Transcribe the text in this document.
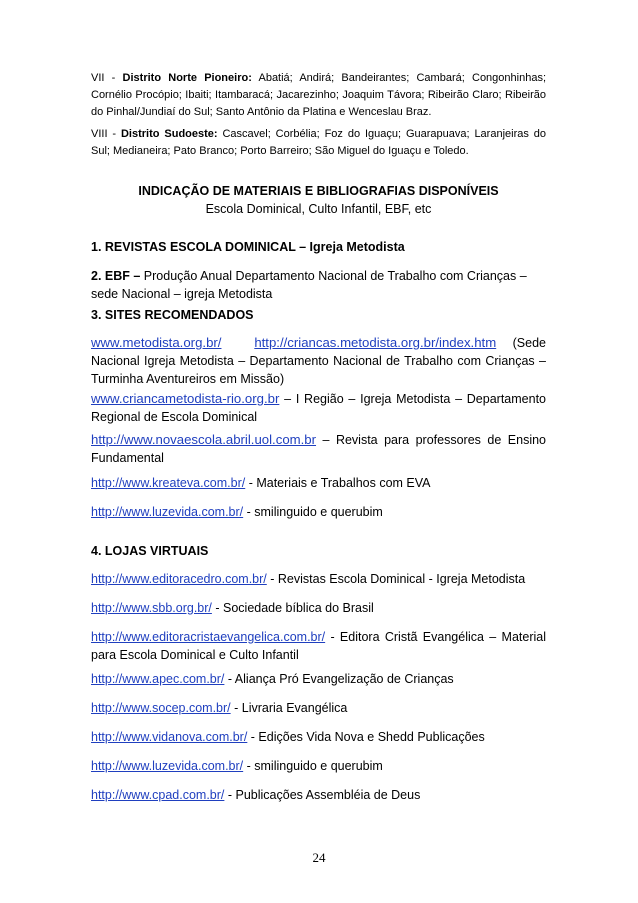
VII - Distrito Norte Pioneiro: Abatiá; Andirá; Bandeirantes; Cambará; Congonhinhas; Cornélio Procópio; Ibaiti; Itambaracá; Jacarezinho; Joaquim Távora; Ribeirão Claro; Ribeirão do Pinhal/Jundiaí do Sul; Santo Antônio da Platina e Wenceslau Braz.

VIII - Distrito Sudoeste: Cascavel; Corbélia; Foz do Iguaçu; Guarapuava; Laranjeiras do Sul; Medianeira; Pato Branco; Porto Barreiro; São Miguel do Iguaçu e Toledo.

INDICAÇÃO DE MATERIAIS E BIBLIOGRAFIAS DISPONÍVEIS

Escola Dominical, Culto Infantil, EBF, etc

1. REVISTAS ESCOLA DOMINICAL – Igreja Metodista

2. EBF – Produção Anual Departamento Nacional de Trabalho com Crianças – sede Nacional – igreja Metodista

3. SITES RECOMENDADOS

www.metodista.org.br/ http://criancas.metodista.org.br/index.htm (Sede Nacional Igreja Metodista – Departamento Nacional de Trabalho com Crianças – Turminha Aventureiros em Missão)

www.criancametodista-rio.org.br – I Região – Igreja Metodista – Departamento Regional de Escola Dominical

http://www.novaescola.abril.uol.com.br – Revista para professores de Ensino Fundamental

http://www.kreateva.com.br/ - Materiais e Trabalhos com EVA

http://www.luzevida.com.br/ - smilinguido e querubim

4. LOJAS VIRTUAIS

http://www.editoracedro.com.br/ - Revistas Escola Dominical - Igreja Metodista

http://www.sbb.org.br/ - Sociedade bíblica do Brasil

http://www.editoracristaevangelica.com.br/ - Editora Cristã Evangélica – Material para Escola Dominical e Culto Infantil

http://www.apec.com.br/ - Aliança Pró Evangelização de Crianças

http://www.socep.com.br/ - Livraria Evangélica

http://www.vidanova.com.br/ - Edições Vida Nova e Shedd Publicações

http://www.luzevida.com.br/ - smilinguido e querubim

http://www.cpad.com.br/ - Publicações Assembléia de Deus

24
